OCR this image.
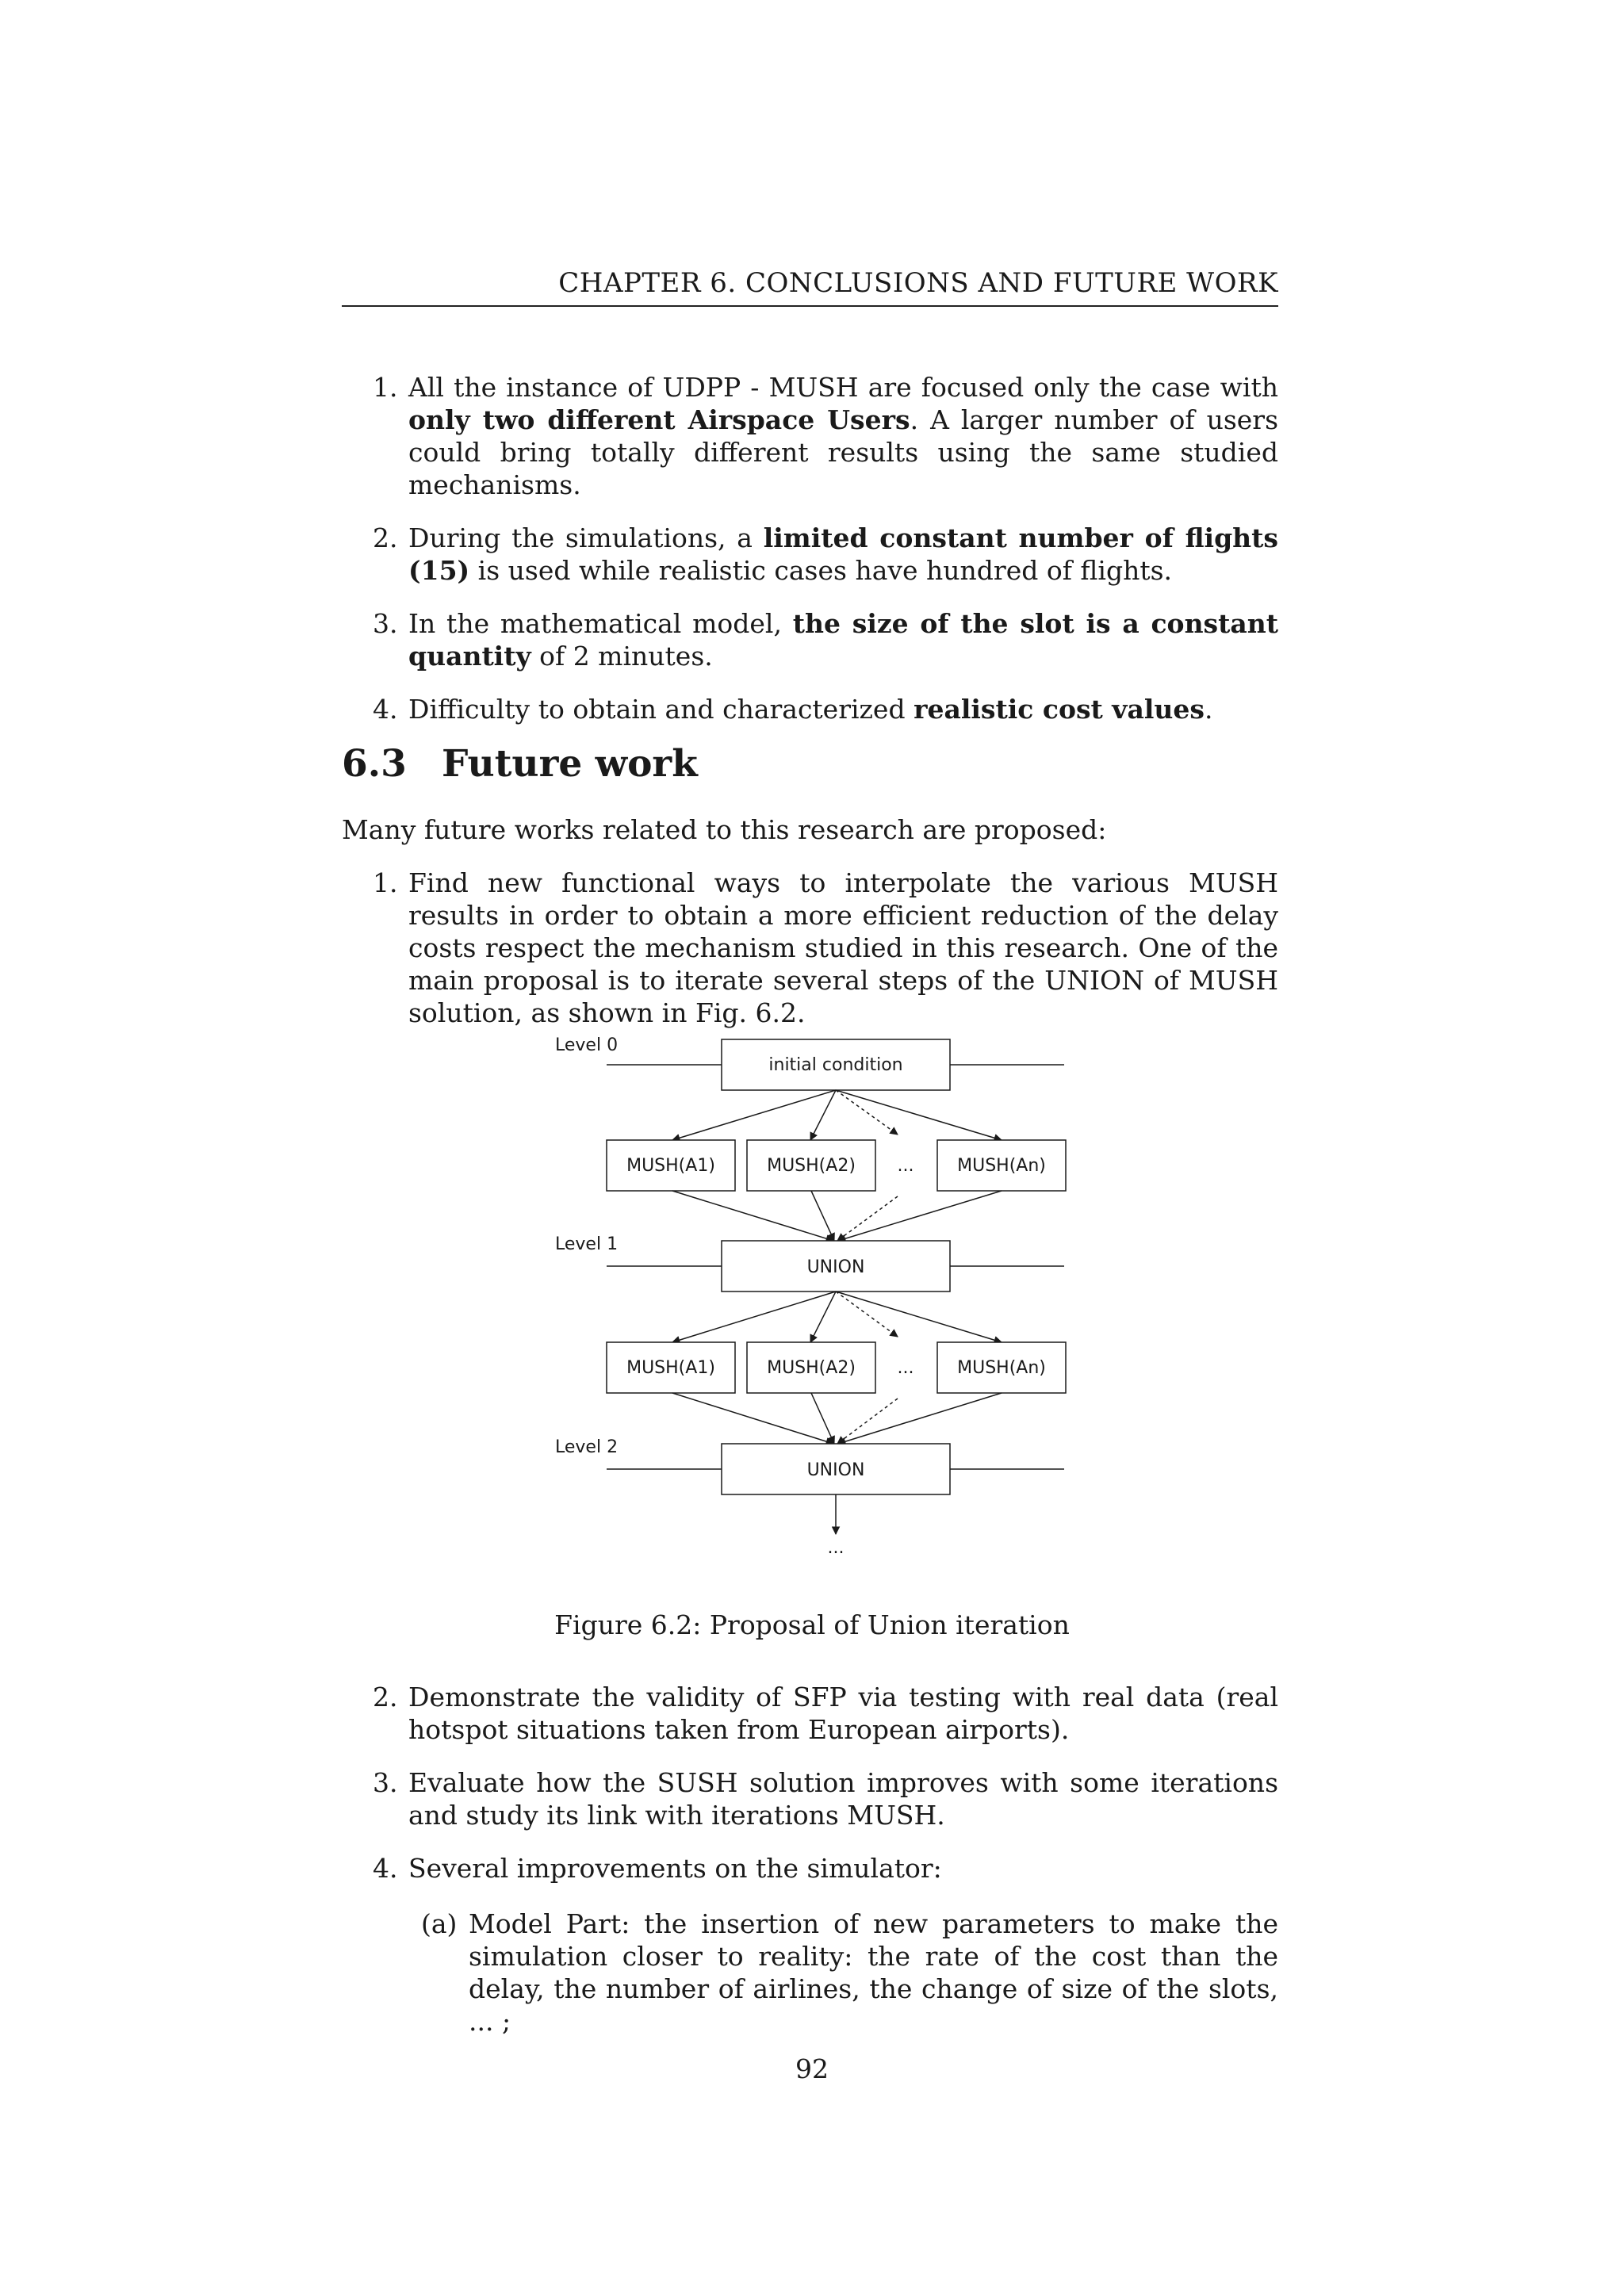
CHAPTER 6. CONCLUSIONS AND FUTURE WORK
1. All the instance of UDPP - MUSH are focused only the case with only two different Airspace Users. A larger number of users could bring totally different results using the same studied mechanisms.
2. During the simulations, a limited constant number of flights (15) is used while realistic cases have hundred of flights.
3. In the mathematical model, the size of the slot is a constant quantity of 2 minutes.
4. Difficulty to obtain and characterized realistic cost values.
6.3 Future work
Many future works related to this research are proposed:
1. Find new functional ways to interpolate the various MUSH results in order to obtain a more efficient reduction of the delay costs respect the mechanism studied in this research. One of the main proposal is to iterate several steps of the UNION of MUSH solution, as shown in Fig. 6.2.
Level 0
initial condition
MUSH(A1)	MUSH(A2) ... MUSH(An)
Level 1
UNION
MUSH(A1)	MUSH(A2) ... MUSH(An)
Level 2
UNION
...
Figure 6.2: Proposal of Union iteration
2. Demonstrate the validity of SFP via testing with real data (real hotspot situations taken from European airports).
3. Evaluate how the SUSH solution improves with some iterations and study its link with iterations MUSH.
4. Several improvements on the simulator:
(a) Model Part: the insertion of new parameters to make the simulation closer to reality: the rate of the cost than the delay, the number of airlines, the change of size of the slots, ... ;
92
